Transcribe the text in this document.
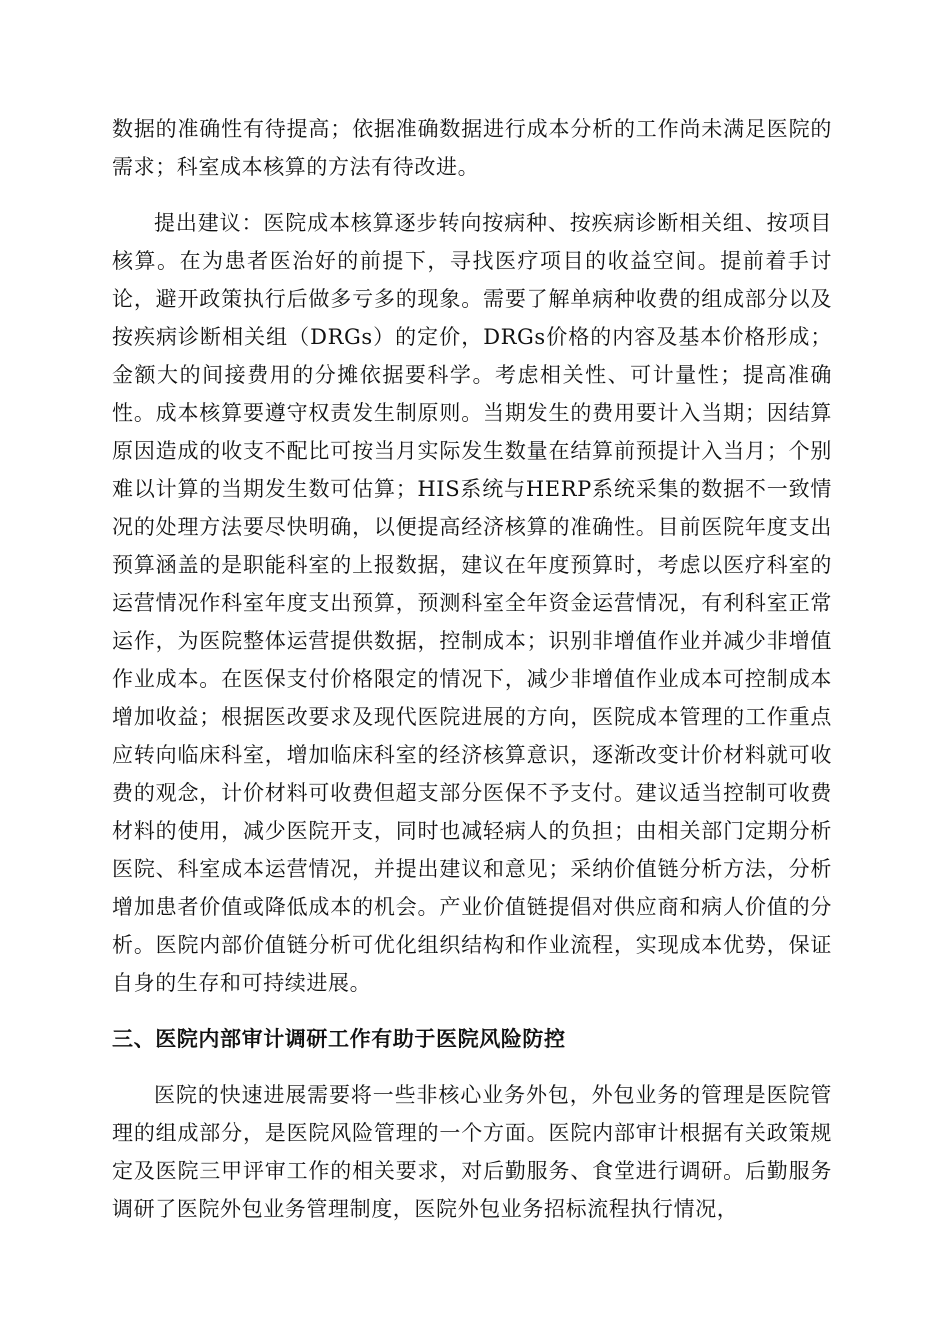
数据的准确性有待提高；依据准确数据进行成本分析的工作尚未满足医院的需求；科室成本核算的方法有待改进。

提出建议：医院成本核算逐步转向按病种、按疾病诊断相关组、按项目核算。在为患者医治好的前提下，寻找医疗项目的收益空间。提前着手讨论，避开政策执行后做多亏多的现象。需要了解单病种收费的组成部分以及按疾病诊断相关组（DRGs）的定价，DRGs价格的内容及基本价格形成；金额大的间接费用的分摊依据要科学。考虑相关性、可计量性；提高准确性。成本核算要遵守权责发生制原则。当期发生的费用要计入当期；因结算原因造成的收支不配比可按当月实际发生数量在结算前预提计入当月；个别难以计算的当期发生数可估算；HIS系统与HERP系统采集的数据不一致情况的处理方法要尽快明确，以便提高经济核算的准确性。目前医院年度支出预算涵盖的是职能科室的上报数据，建议在年度预算时，考虑以医疗科室的运营情况作科室年度支出预算，预测科室全年资金运营情况，有利科室正常运作，为医院整体运营提供数据，控制成本；识别非增值作业并减少非增值作业成本。在医保支付价格限定的情况下，减少非增值作业成本可控制成本增加收益；根据医改要求及现代医院进展的方向，医院成本管理的工作重点应转向临床科室，增加临床科室的经济核算意识，逐渐改变计价材料就可收费的观念，计价材料可收费但超支部分医保不予支付。建议适当控制可收费材料的使用，减少医院开支，同时也减轻病人的负担；由相关部门定期分析医院、科室成本运营情况，并提出建议和意见；采纳价值链分析方法，分析增加患者价值或降低成本的机会。产业价值链提倡对供应商和病人价值的分析。医院内部价值链分析可优化组织结构和作业流程，实现成本优势，保证自身的生存和可持续进展。

三、医院内部审计调研工作有助于医院风险防控

医院的快速进展需要将一些非核心业务外包，外包业务的管理是医院管理的组成部分，是医院风险管理的一个方面。医院内部审计根据有关政策规定及医院三甲评审工作的相关要求，对后勤服务、食堂进行调研。后勤服务调研了医院外包业务管理制度，医院外包业务招标流程执行情况，
